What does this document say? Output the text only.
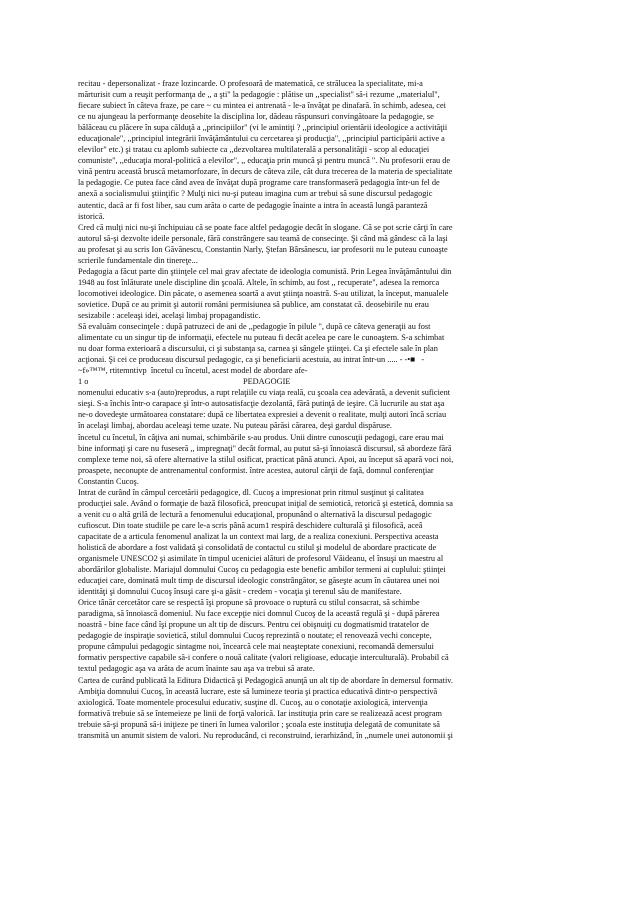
recitau - depersonalizat - fraze lozincarde. O profesoară de matematică, ce strălucea la specialitate, mi-a
mărturisit cum a reuşit performanţa de ,, a şti" la pedagogie : plătise un ,,specialist" să-i rezume ,,materialul",
fiecare subiect în câteva fraze, pe care ~ cu mintea ei antrenată - le-a învăţat pe dinafară. în schimb, adesea, cei
ce nu ajungeau la performanţe deosebite la disciplina lor, dădeau răspunsuri convingătoare la pedagogie, se
bălăceau cu plăcere în supa călduţă a ,,principiilor" (vi le amintiţi ? ,,principiul orientării ideologice a activităţii
educaţionale", ,,principiul integrării învăţământului cu cercetarea şi producţia", ,,principiul participării active a
elevilor" etc.) şi tratau cu aplomb subiecte ca ,,dezvoltarea multilaterală a personalităţii - scop al educaţiei
comuniste", ,,educaţia moral-politică a elevilor", ,, educaţia prin muncă şi pentru muncă ". Nu profesorii erau de
vină pentru această bruscă metamorfozare, în decurs de câteva zile, cât dura trecerea de la materia de specialitate
la pedagogie. Ce putea face când avea de învăţat după programe care transformaseră pedagogia într-un fel de
anexă a socialismului ştiinţific ? Mulţi nici nu-şi puteau imagina cum ar trebui să sune discursul pedagogic
autentic, dacă ar fi fost liber, sau cum arăta o carte de pedagogie înainte a intra în această lungă paranteză
istorică.
Cred că mulţi nici nu-şi închipuiau că se poate face altfel pedagogie decât în slogane. Că se pot scrie cărţi în care
autorul să-şi dezvolte ideile personale, fără constrângere sau teamă de consecinţe. Şi când mă gândesc că la laşi
au profesat şi au scris Ion Găvănescu, Constantin Narly, Ştefan Bârsănescu, iar profesorii nu le puteau cunoaşte
scrierile fundamentale din tinereţe...
Pedagogia a făcut parte din ştiinţele cel mai grav afectate de ideologia comunistă. Prin Legea învăţământului din
1948 au fost înlăturate unele discipline din şcoală. Altele, în schimb, au fost ,, recuperate", adesea la remorca
locomotivei ideologice. Din păcate, o asemenea soartă a avut ştiinţa noastră. S-au utilizat, la început, manualele
sovietice. După ce au primit şi autorii români permisiunea să publice, am constatat că. deosebirile nu erau
sesizabile : aceleaşi idei, acelaşi limbaj propagandistic.
Să evaluăm consecinţele : după patruzeci de ani de ,,pedagogie în pilule ", după ce câteva generaţii au fost
alimentate cu un singur tip de informaţii, efectele nu puteau fi decât acelea pe care le cunoaştem. S-a schimbat
nu doar forma exterioară a discursului, ci şi substanţa sa, carnea şi sângele ştiinţei. Ca şi efectele sale în plan
acţionai. Şi cei ce produceau discursul pedagogic, ca şi beneficiarii acestuia, au intrat într-un ..... - -•■   -
~f»™™, rtitemntivp  încetul cu încetul, acest model de abordare afe-

1 o

	PEDAGOGIE

nomenului educativ s-a (auto)reprodus, a rupt relaţiile cu viaţa reală, cu şcoala cea adevărată, a devenit suficient
sieşi. S-a închis într-o carapace şi într-o autosatisfacţie dezolantă, fără putinţă de ieşire. Că lucrurile au stat aşa
ne-o dovedeşte următoarea constatare: după ce libertatea expresiei a devenit o realitate, mulţi autori încă scriau
în acelaşi limbaj, abordau aceleaşi teme uzate. Nu puteau părăsi cărarea, deşi gardul dispăruse.
încetul cu încetul, în câţiva ani numai, schimbările s-au produs. Unii dintre cunoscuţii pedagogi, care erau mai
bine informaţi şi care nu fuseseră ,, impregnaţi" decât formal, au putut să-şi înnoiască discursul, să abordeze fără
complexe teme noi, să ofere alternative la stilul osificat, practicat până atunci. Apoi, au început să apară voci noi,
proaspete, neconupte de antrenamentul conformist. între acestea, autorul cărţii de faţă, domnul conferenţiar
Constantin Cucoş.
Intrat de curând în câmpul cercetării pedagogice, dl. Cucoş a impresionat prin ritmul susţinut şi calitatea
producţiei sale. Având o formaţie de bază filosofică, preocupat iniţial de semiotică, retorică şi estetică, domnia sa
a venit cu o altă grilă de lectură a fenomenului educaţional, propunând o alternativă la discursul pedagogic
cufioscut. Din toate studiile pe care le-a scris până acum1 respiră deschidere culturală şi filosofică, aceâ
capacitate de a articula fenomenul analizat la un context mai larg, de a realiza conexiuni. Perspectiva aceasta
holistică de abordare a fost validată şi consolidată de contactul cu stilul şi modelul de abordare practicate de
organismele UNESCO2 şi asimilate în timpul uceniciei alături de profesorul Văideanu, el însuşi un maestru al
abordărilor globaliste. Mariajul domnului Cucoş cu pedagogia este benefic ambilor termeni ai cuplului: ştiinţei
educaţiei care, dominată mult timp de discursul ideologic constrângător, se găseşte acum în căutarea unei noi
identităţi şi domnului Cucoş însuşi care şi-a găsit - credem - vocaţia şi terenul său de manifestare.
Orice tânăr cercetător care se respectă îşi propune să provoace o ruptură cu stilul consacrat, să schimbe
paradigma, să înnoiască domeniul. Nu face excepţie nici domnul Cucoş de la această regulă şi - după părerea
noastră - bine face când îşi propune un alt tip de discurs. Pentru cei obişnuiţi cu dogmatismid tratatelor de
pedagogie de inspiraţie sovietică, stilul domnului Cucoş reprezintă o noutate; el renovează vechi concepte,
propune câmpului pedagogic sintagme noi, încearcă cele mai neaşteptate conexiuni, recomandă demersului
formativ perspective capabile să-i confere o nouă calitate (valori religioase, educaţie interculturală). Probabil că
textul pedagogic aşa va arăta de acum înainte sau aşa va trebui să arate.
Cartea de curând publicată la Editura Didactică şi Pedagogică anunţă un alt tip de abordare în demersul formativ.
Ambiţia domnului Cucoş, în această lucrare, este să lumineze teoria şi practica educativă dintr-o perspectivă
axiologică. Toate momentele procesului educativ, susţine dl. Cucoş, au o conotaţie axiologică, intervenţia
formativă trebuie să se întemeieze pe linii de forţă valorică. Iar instituţia prin care se realizează acest program
trebuie să-şi propună să-i iniţieze pe tineri în lumea valorilor ; şcoala este instituţia delegată de comunitate să
transmită un anumit sistem de valori. Nu reproducând, ci reconstruind, ierarhizând, în ,,numele unei autonomii şi
